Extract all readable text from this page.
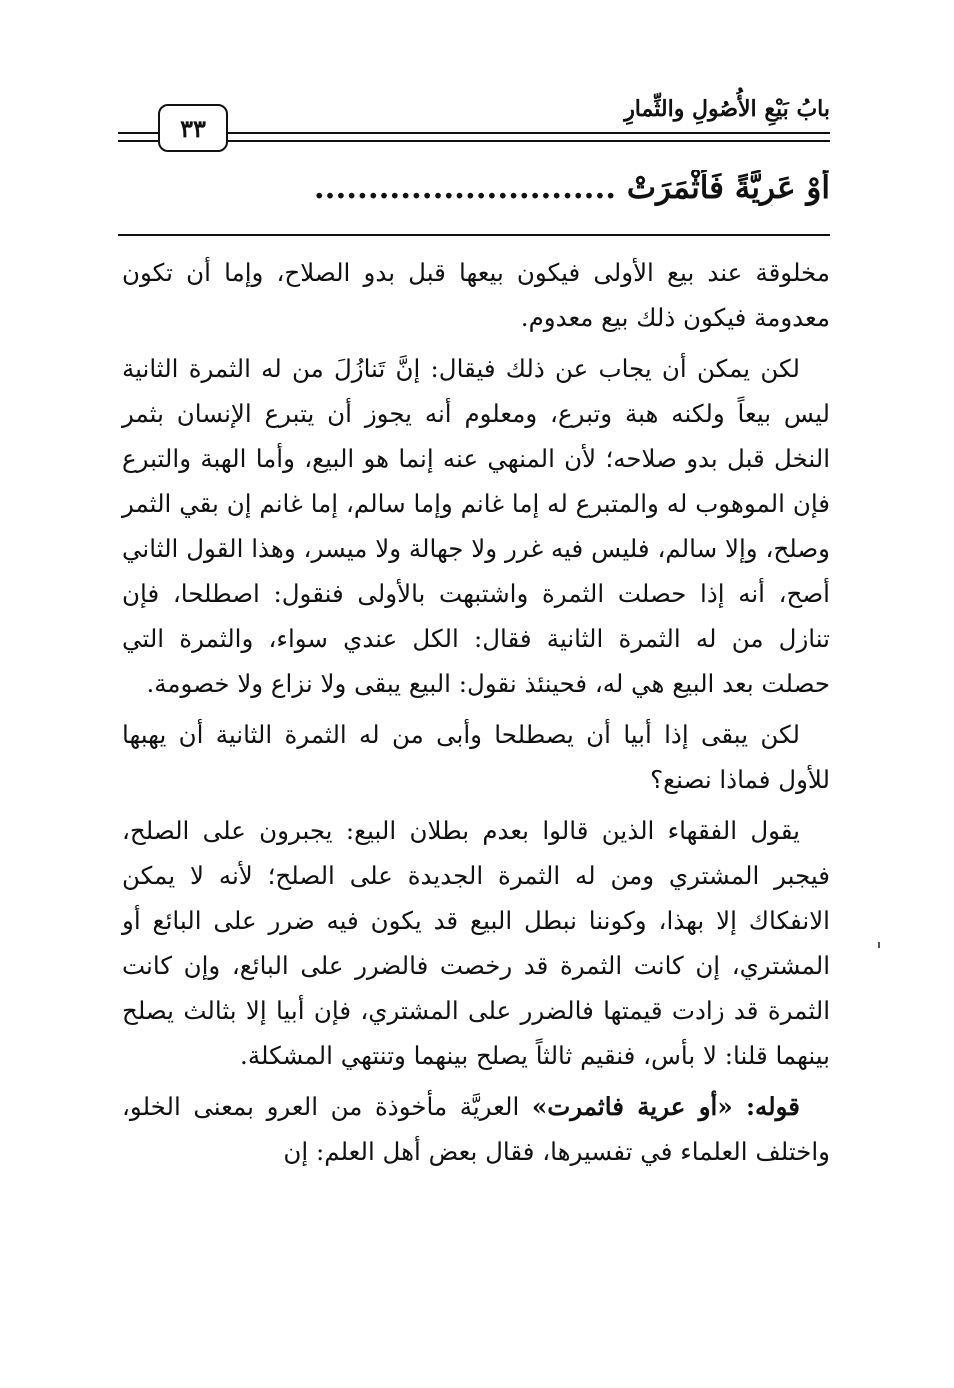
٣٣
بابُ بَيْعِ الأُصُولِ والثِّمارِ
أَوْ عَرِيَّةً فَأَثْمَرَتْ ............................

مخلوقة عند بيع الأولى فيكون بيعها قبل بدو الصلاح، وإما أن تكون معدومة فيكون ذلك بيع معدوم.

لكن يمكن أن يجاب عن ذلك فيقال: إنَّ تَنازُلَ من له الثمرة الثانية ليس بيعاً ولكنه هبة وتبرع، ومعلوم أنه يجوز أن يتبرع الإنسان بثمر النخل قبل بدو صلاحه؛ لأن المنهي عنه إنما هو البيع، وأما الهبة والتبرع فإن الموهوب له والمتبرع له إما غانم وإما سالم، إما غانم إن بقي الثمر وصلح، وإلا سالم، فليس فيه غرر ولا جهالة ولا ميسر، وهذا القول الثاني أصح، أنه إذا حصلت الثمرة واشتبهت بالأولى فنقول: اصطلحا، فإن تنازل من له الثمرة الثانية فقال: الكل عندي سواء، والثمرة التي حصلت بعد البيع هي له، فحينئذ نقول: البيع يبقى ولا نزاع ولا خصومة.

لكن يبقى إذا أبيا أن يصطلحا وأبى من له الثمرة الثانية أن يهبها للأول فماذا نصنع؟

يقول الفقهاء الذين قالوا بعدم بطلان البيع: يجبرون على الصلح، فيجبر المشتري ومن له الثمرة الجديدة على الصلح؛ لأنه لا يمكن الانفكاك إلا بهذا، وكوننا نبطل البيع قد يكون فيه ضرر على البائع أو المشتري، إن كانت الثمرة قد رخصت فالضرر على البائع، وإن كانت الثمرة قد زادت قيمتها فالضرر على المشتري، فإن أبيا إلا بثالث يصلح بينهما قلنا: لا بأس، فنقيم ثالثاً يصلح بينهما وتنتهي المشكلة.

قوله: «أو عرية فاثمرت» العريَّة مأخوذة من العرو بمعنى الخلو، واختلف العلماء في تفسيرها، فقال بعض أهل العلم: إن
